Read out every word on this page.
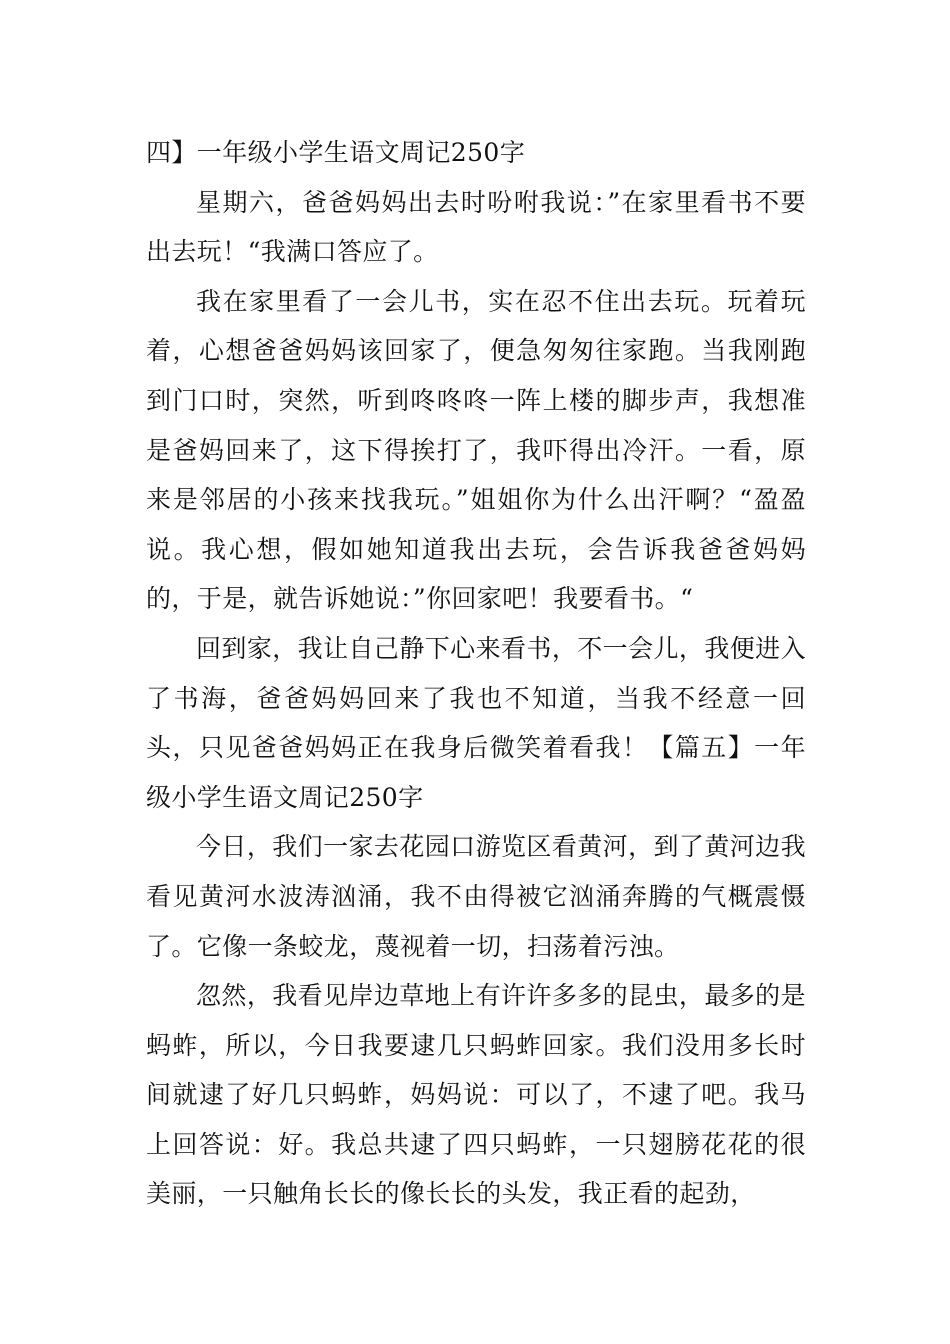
四】一年级小学生语文周记250字

星期六，爸爸妈妈出去时吩咐我说：”在家里看书不要出去玩！“我满口答应了。

我在家里看了一会儿书，实在忍不住出去玩。玩着玩着，心想爸爸妈妈该回家了，便急匆匆往家跑。当我刚跑到门口时，突然，听到咚咚咚一阵上楼的脚步声，我想准是爸妈回来了，这下得挨打了，我吓得出冷汗。一看，原来是邻居的小孩来找我玩。”姐姐你为什么出汗啊？“盈盈说。我心想，假如她知道我出去玩，会告诉我爸爸妈妈的，于是，就告诉她说：”你回家吧！我要看书。“

回到家，我让自己静下心来看书，不一会儿，我便进入了书海，爸爸妈妈回来了我也不知道，当我不经意一回头，只见爸爸妈妈正在我身后微笑着看我！【篇五】一年级小学生语文周记250字

今日，我们一家去花园口游览区看黄河，到了黄河边我看见黄河水波涛汹涌，我不由得被它汹涌奔腾的气概震慑了。它像一条蛟龙，蔑视着一切，扫荡着污浊。

忽然，我看见岸边草地上有许许多多的昆虫，最多的是蚂蚱，所以，今日我要逮几只蚂蚱回家。我们没用多长时间就逮了好几只蚂蚱，妈妈说：可以了，不逮了吧。我马上回答说：好。我总共逮了四只蚂蚱，一只翅膀花花的很美丽，一只触角长长的像长长的头发，我正看的起劲，
